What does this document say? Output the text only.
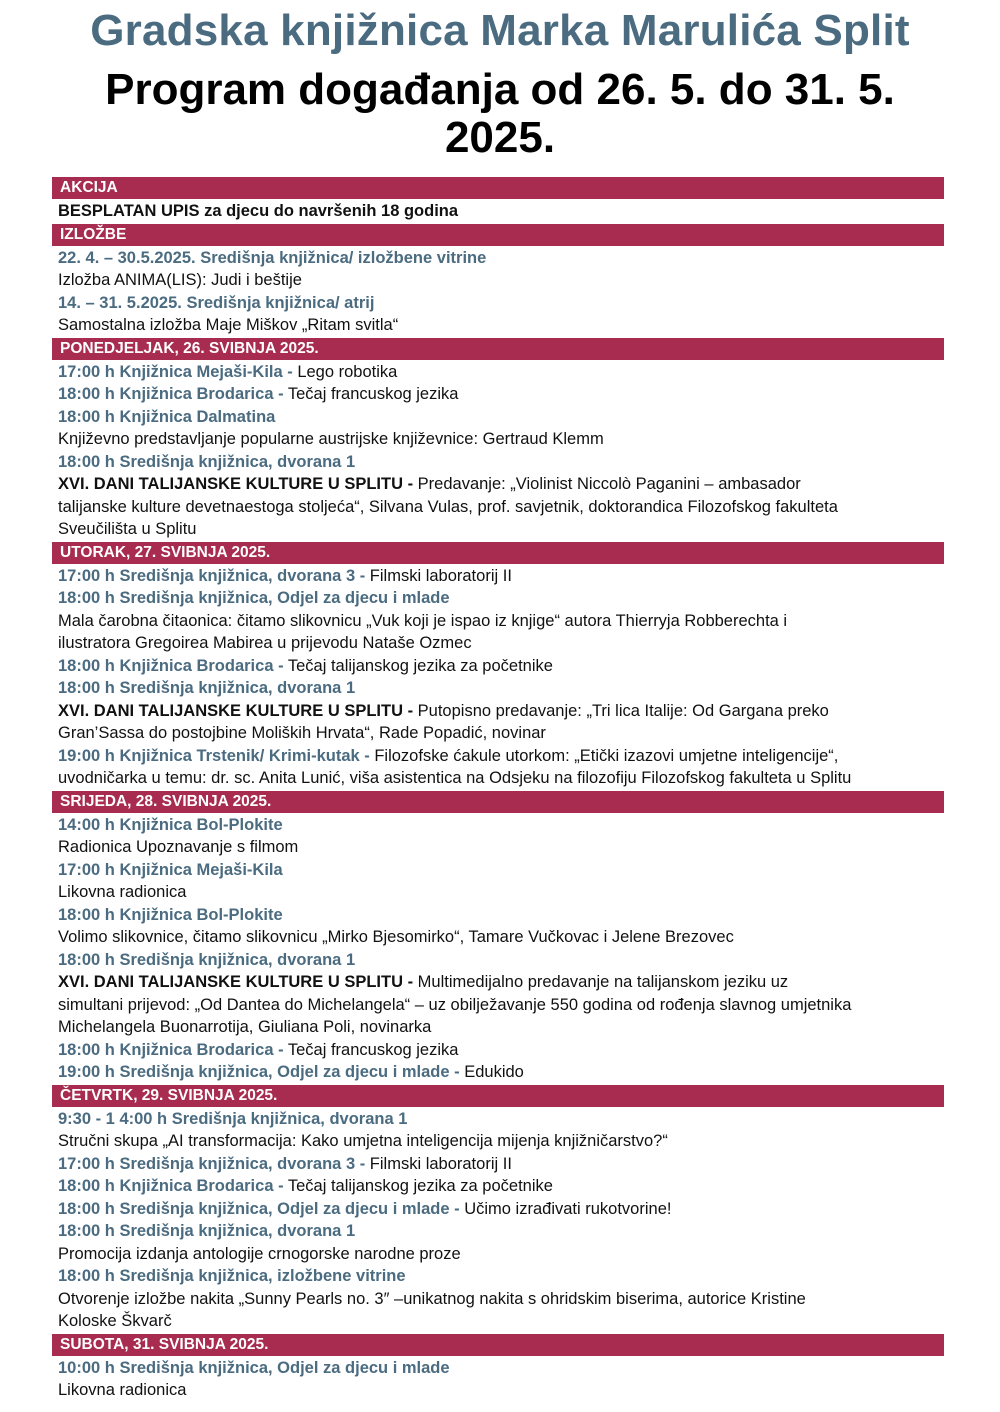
Gradska knjižnica Marka Marulića Split
Program događanja od 26. 5. do 31. 5.
2025.
AKCIJA
BESPLATAN UPIS za djecu do navršenih 18 godina
IZLOŽBE
22. 4. – 30.5.2025. Središnja knjižnica/ izložbene vitrine
Izložba ANIMA(LIS): Judi i beštije
14. – 31. 5.2025. Središnja knjižnica/ atrij
Samostalna izložba Maje Miškov „Ritam svitla“
PONEDJELJAK, 26. SVIBNJA 2025.
17:00 h Knjižnica Mejaši-Kila - Lego robotika
18:00 h Knjižnica Brodarica - Tečaj francuskog jezika
18:00 h Knjižnica Dalmatina
Književno predstavljanje popularne austrijske književnice: Gertraud Klemm
18:00 h Središnja knjižnica, dvorana 1
XVI. DANI TALIJANSKE KULTURE U SPLITU - Predavanje: „Violinist Niccolò Paganini – ambasador
talijanske kulture devetnaestoga stoljeća“, Silvana Vulas, prof. savjetnik, doktorandica Filozofskog fakulteta
Sveučilišta u Splitu
UTORAK, 27. SVIBNJA 2025.
17:00 h Središnja knjižnica, dvorana 3 - Filmski laboratorij II
18:00 h Središnja knjižnica, Odjel za djecu i mlade
Mala čarobna čitaonica: čitamo slikovnicu „Vuk koji je ispao iz knjige“ autora Thierryja Robberechta i
ilustratora Gregoirea Mabirea u prijevodu Nataše Ozmec
18:00 h Knjižnica Brodarica - Tečaj talijanskog jezika za početnike
18:00 h Središnja knjižnica, dvorana 1
XVI. DANI TALIJANSKE KULTURE U SPLITU - Putopisno predavanje: „Tri lica Italije: Od Gargana preko
Gran’Sassa do postojbine Moliških Hrvata“, Rade Popadić, novinar
19:00 h Knjižnica Trstenik/ Krimi-kutak - Filozofske ćakule utorkom: „Etički izazovi umjetne inteligencije“,
uvodničarka u temu: dr. sc. Anita Lunić, viša asistentica na Odsjeku na filozofiju Filozofskog fakulteta u Splitu
SRIJEDA, 28. SVIBNJA 2025.
14:00 h Knjižnica Bol-Plokite
Radionica Upoznavanje s filmom
17:00 h Knjižnica Mejaši-Kila
Likovna radionica
18:00 h Knjižnica Bol-Plokite
Volimo slikovnice, čitamo slikovnicu „Mirko Bjesomirko“, Tamare Vučkovac i Jelene Brezovec
18:00 h Središnja knjižnica, dvorana 1
XVI. DANI TALIJANSKE KULTURE U SPLITU - Multimedijalno predavanje na talijanskom jeziku uz
simultani prijevod: „Od Dantea do Michelangela“ – uz obilježavanje 550 godina od rođenja slavnog umjetnika
Michelangela Buonarrotija, Giuliana Poli, novinarka
18:00 h Knjižnica Brodarica - Tečaj francuskog jezika
19:00 h Središnja knjižnica, Odjel za djecu i mlade - Edukido
ČETVRTK, 29. SVIBNJA 2025.
9:30 - 1 4:00 h Središnja knjižnica, dvorana 1
Stručni skupa „AI transformacija: Kako umjetna inteligencija mijenja knjižničarstvo?“
17:00 h Središnja knjižnica, dvorana 3 - Filmski laboratorij II
18:00 h Knjižnica Brodarica - Tečaj talijanskog jezika za početnike
18:00 h Središnja knjižnica, Odjel za djecu i mlade - Učimo izrađivati rukotvorine!
18:00 h Središnja knjižnica, dvorana 1
Promocija izdanja antologije crnogorske narodne proze
18:00 h Središnja knjižnica, izložbene vitrine
Otvorenje izložbe nakita „Sunny Pearls no. 3″ –unikatnog nakita s ohridskim biserima, autorice Kristine
Koloske Škvarč
SUBOTA, 31. SVIBNJA 2025.
10:00 h Središnja knjižnica, Odjel za djecu i mlade
Likovna radionica
